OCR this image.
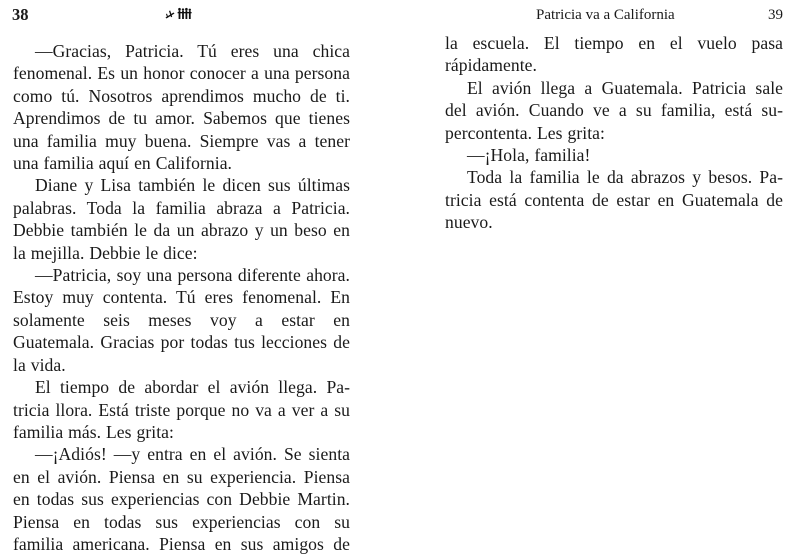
38

—Gracias, Patricia. Tú eres una chica fenomenal. Es un honor conocer a una persona como tú. Nosotros aprendimos mucho de ti. Aprendimos de tu amor. Sabemos que tienes una familia muy buena. Siempre vas a tener una familia aquí en California.

Diane y Lisa también le dicen sus últimas palabras. Toda la familia abraza a Patricia. Debbie también le da un abrazo y un beso en la mejilla. Debbie le dice:

—Patricia, soy una persona diferente ahora. Estoy muy contenta. Tú eres fenomenal. En solamente seis meses voy a estar en Guatemala. Gracias por todas tus lecciones de la vida.

El tiempo de abordar el avión llega. Patricia llora. Está triste porque no va a ver a su familia más. Les grita:

—¡Adiós! —y entra en el avión. Se sienta en el avión. Piensa en su experiencia. Piensa en todas sus experiencias con Debbie Martin. Piensa en todas sus experiencias con su familia americana. Piensa en sus amigos de

Patricia va a California	39

la escuela. El tiempo en el vuelo pasa rápidamente.

El avión llega a Guatemala. Patricia sale del avión. Cuando ve a su familia, está supercontenta. Les grita:

—¡Hola, familia!

Toda la familia le da abrazos y besos. Patricia está contenta de estar en Guatemala de nuevo.
